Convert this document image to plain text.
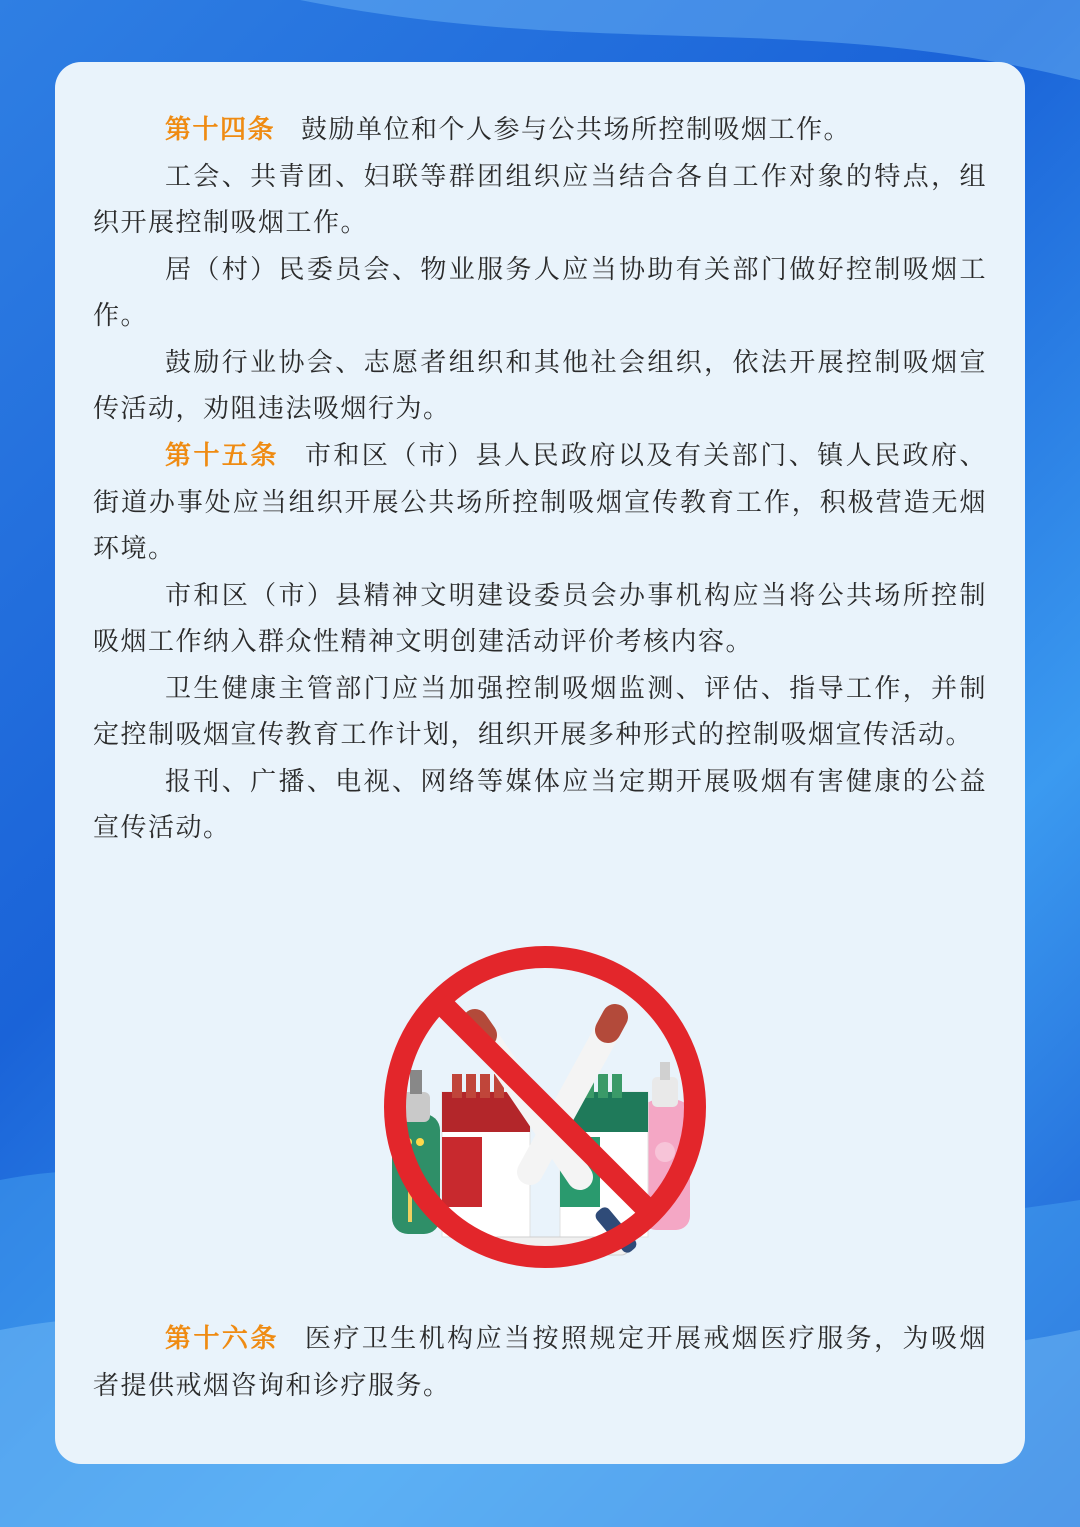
第十四条 鼓励单位和个人参与公共场所控制吸烟工作。

工会、共青团、妇联等群团组织应当结合各自工作对象的特点，组织开展控制吸烟工作。

居（村）民委员会、物业服务人应当协助有关部门做好控制吸烟工作。

鼓励行业协会、志愿者组织和其他社会组织，依法开展控制吸烟宣传活动，劝阻违法吸烟行为。

第十五条 市和区（市）县人民政府以及有关部门、镇人民政府、街道办事处应当组织开展公共场所控制吸烟宣传教育工作，积极营造无烟环境。

市和区（市）县精神文明建设委员会办事机构应当将公共场所控制吸烟工作纳入群众性精神文明创建活动评价考核内容。

卫生健康主管部门应当加强控制吸烟监测、评估、指导工作，并制定控制吸烟宣传教育工作计划，组织开展多种形式的控制吸烟宣传活动。

报刊、广播、电视、网络等媒体应当定期开展吸烟有害健康的公益宣传活动。

第十六条 医疗卫生机构应当按照规定开展戒烟医疗服务，为吸烟者提供戒烟咨询和诊疗服务。
